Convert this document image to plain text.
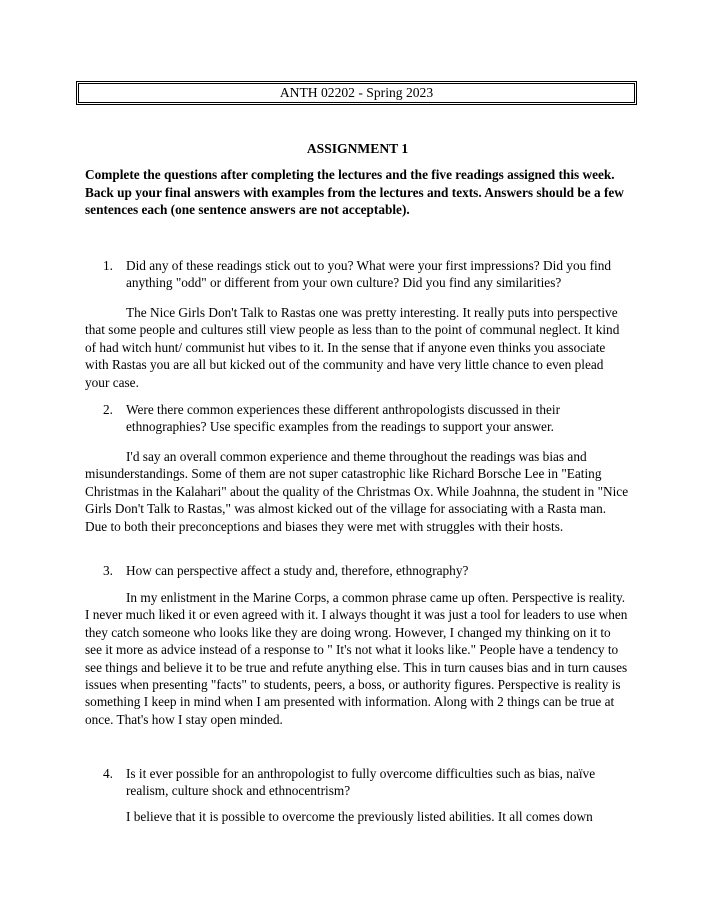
ANTH 02202 - Spring 2023
ASSIGNMENT 1
Complete the questions after completing the lectures and the five readings assigned this week. Back up your final answers with examples from the lectures and texts. Answers should be a few sentences each (one sentence answers are not acceptable).
1. Did any of these readings stick out to you? What were your first impressions? Did you find anything "odd" or different from your own culture? Did you find any similarities?
The Nice Girls Don't Talk to Rastas one was pretty interesting. It really puts into perspective that some people and cultures still view people as less than to the point of communal neglect. It kind of had witch hunt/ communist hut vibes to it. In the sense that if anyone even thinks you associate with Rastas you are all but kicked out of the community and have very little chance to even plead your case.
2. Were there common experiences these different anthropologists discussed in their ethnographies? Use specific examples from the readings to support your answer.
I'd say an overall common experience and theme throughout the readings was bias and misunderstandings. Some of them are not super catastrophic like Richard Borsche Lee in "Eating Christmas in the Kalahari" about the quality of the Christmas Ox. While Joahnna, the student in "Nice Girls Don't Talk to Rastas," was almost kicked out of the village for associating with a Rasta man. Due to both their preconceptions and biases they were met with struggles with their hosts.
3. How can perspective affect a study and, therefore, ethnography?
In my enlistment in the Marine Corps, a common phrase came up often. Perspective is reality. I never much liked it or even agreed with it. I always thought it was just a tool for leaders to use when they catch someone who looks like they are doing wrong. However, I changed my thinking on it to see it more as advice instead of a response to " It's not what it looks like." People have a tendency to see things and believe it to be true and refute anything else. This in turn causes bias and in turn causes issues when presenting "facts" to students, peers, a boss, or authority figures. Perspective is reality is something I keep in mind when I am presented with information. Along with 2 things can be true at once. That's how I stay open minded.
4. Is it ever possible for an anthropologist to fully overcome difficulties such as bias, naïve realism, culture shock and ethnocentrism?
I believe that it is possible to overcome the previously listed abilities. It all comes down
